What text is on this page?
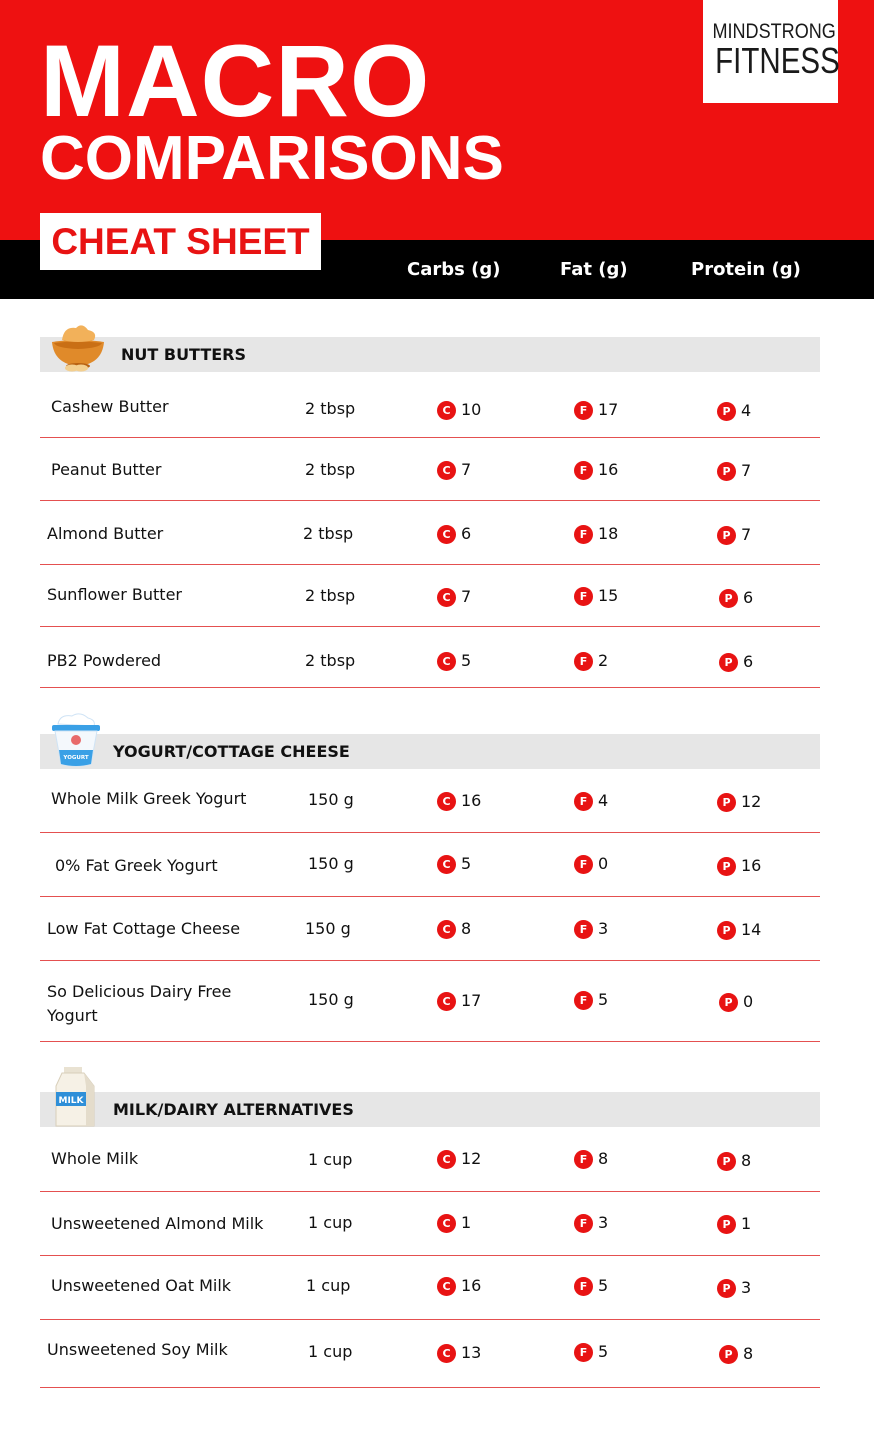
MACRO
COMPARISONS
MINDSTRONG
FITNESS
CHEAT SHEET
Carbs (g)	Fat (g)	Protein (g)
NUT BUTTERS
Cashew Butter	2 tbsp	C 10	F 17	P 4
Peanut Butter	2 tbsp	C 7	F 16	P 7
Almond Butter	2 tbsp	C 6	F 18	P 7
Sunflower Butter	2 tbsp	C 7	F 15	P 6
PB2 Powdered	2 tbsp	C 5	F 2	P 6
YOGURT/COTTAGE CHEESE
YOGURT
Whole Milk Greek Yogurt	150 g	C 16	F 4	P 12
0% Fat Greek Yogurt	150 g	C 5	F 0	P 16
Low Fat Cottage Cheese	150 g	C 8	F 3	P 14
So Delicious Dairy Free
Yogurt
150 g	C 17	F 5	P 0
MILK/DAIRY ALTERNATIVES
MILK
Whole Milk	1 cup	C 12	F 8	P 8
Unsweetened Almond Milk	1 cup	C 1	F 3	P 1
Unsweetened Oat Milk	1 cup	C 16	F 5	P 3
Unsweetened Soy Milk	1 cup	C 13	F 5	P 8
